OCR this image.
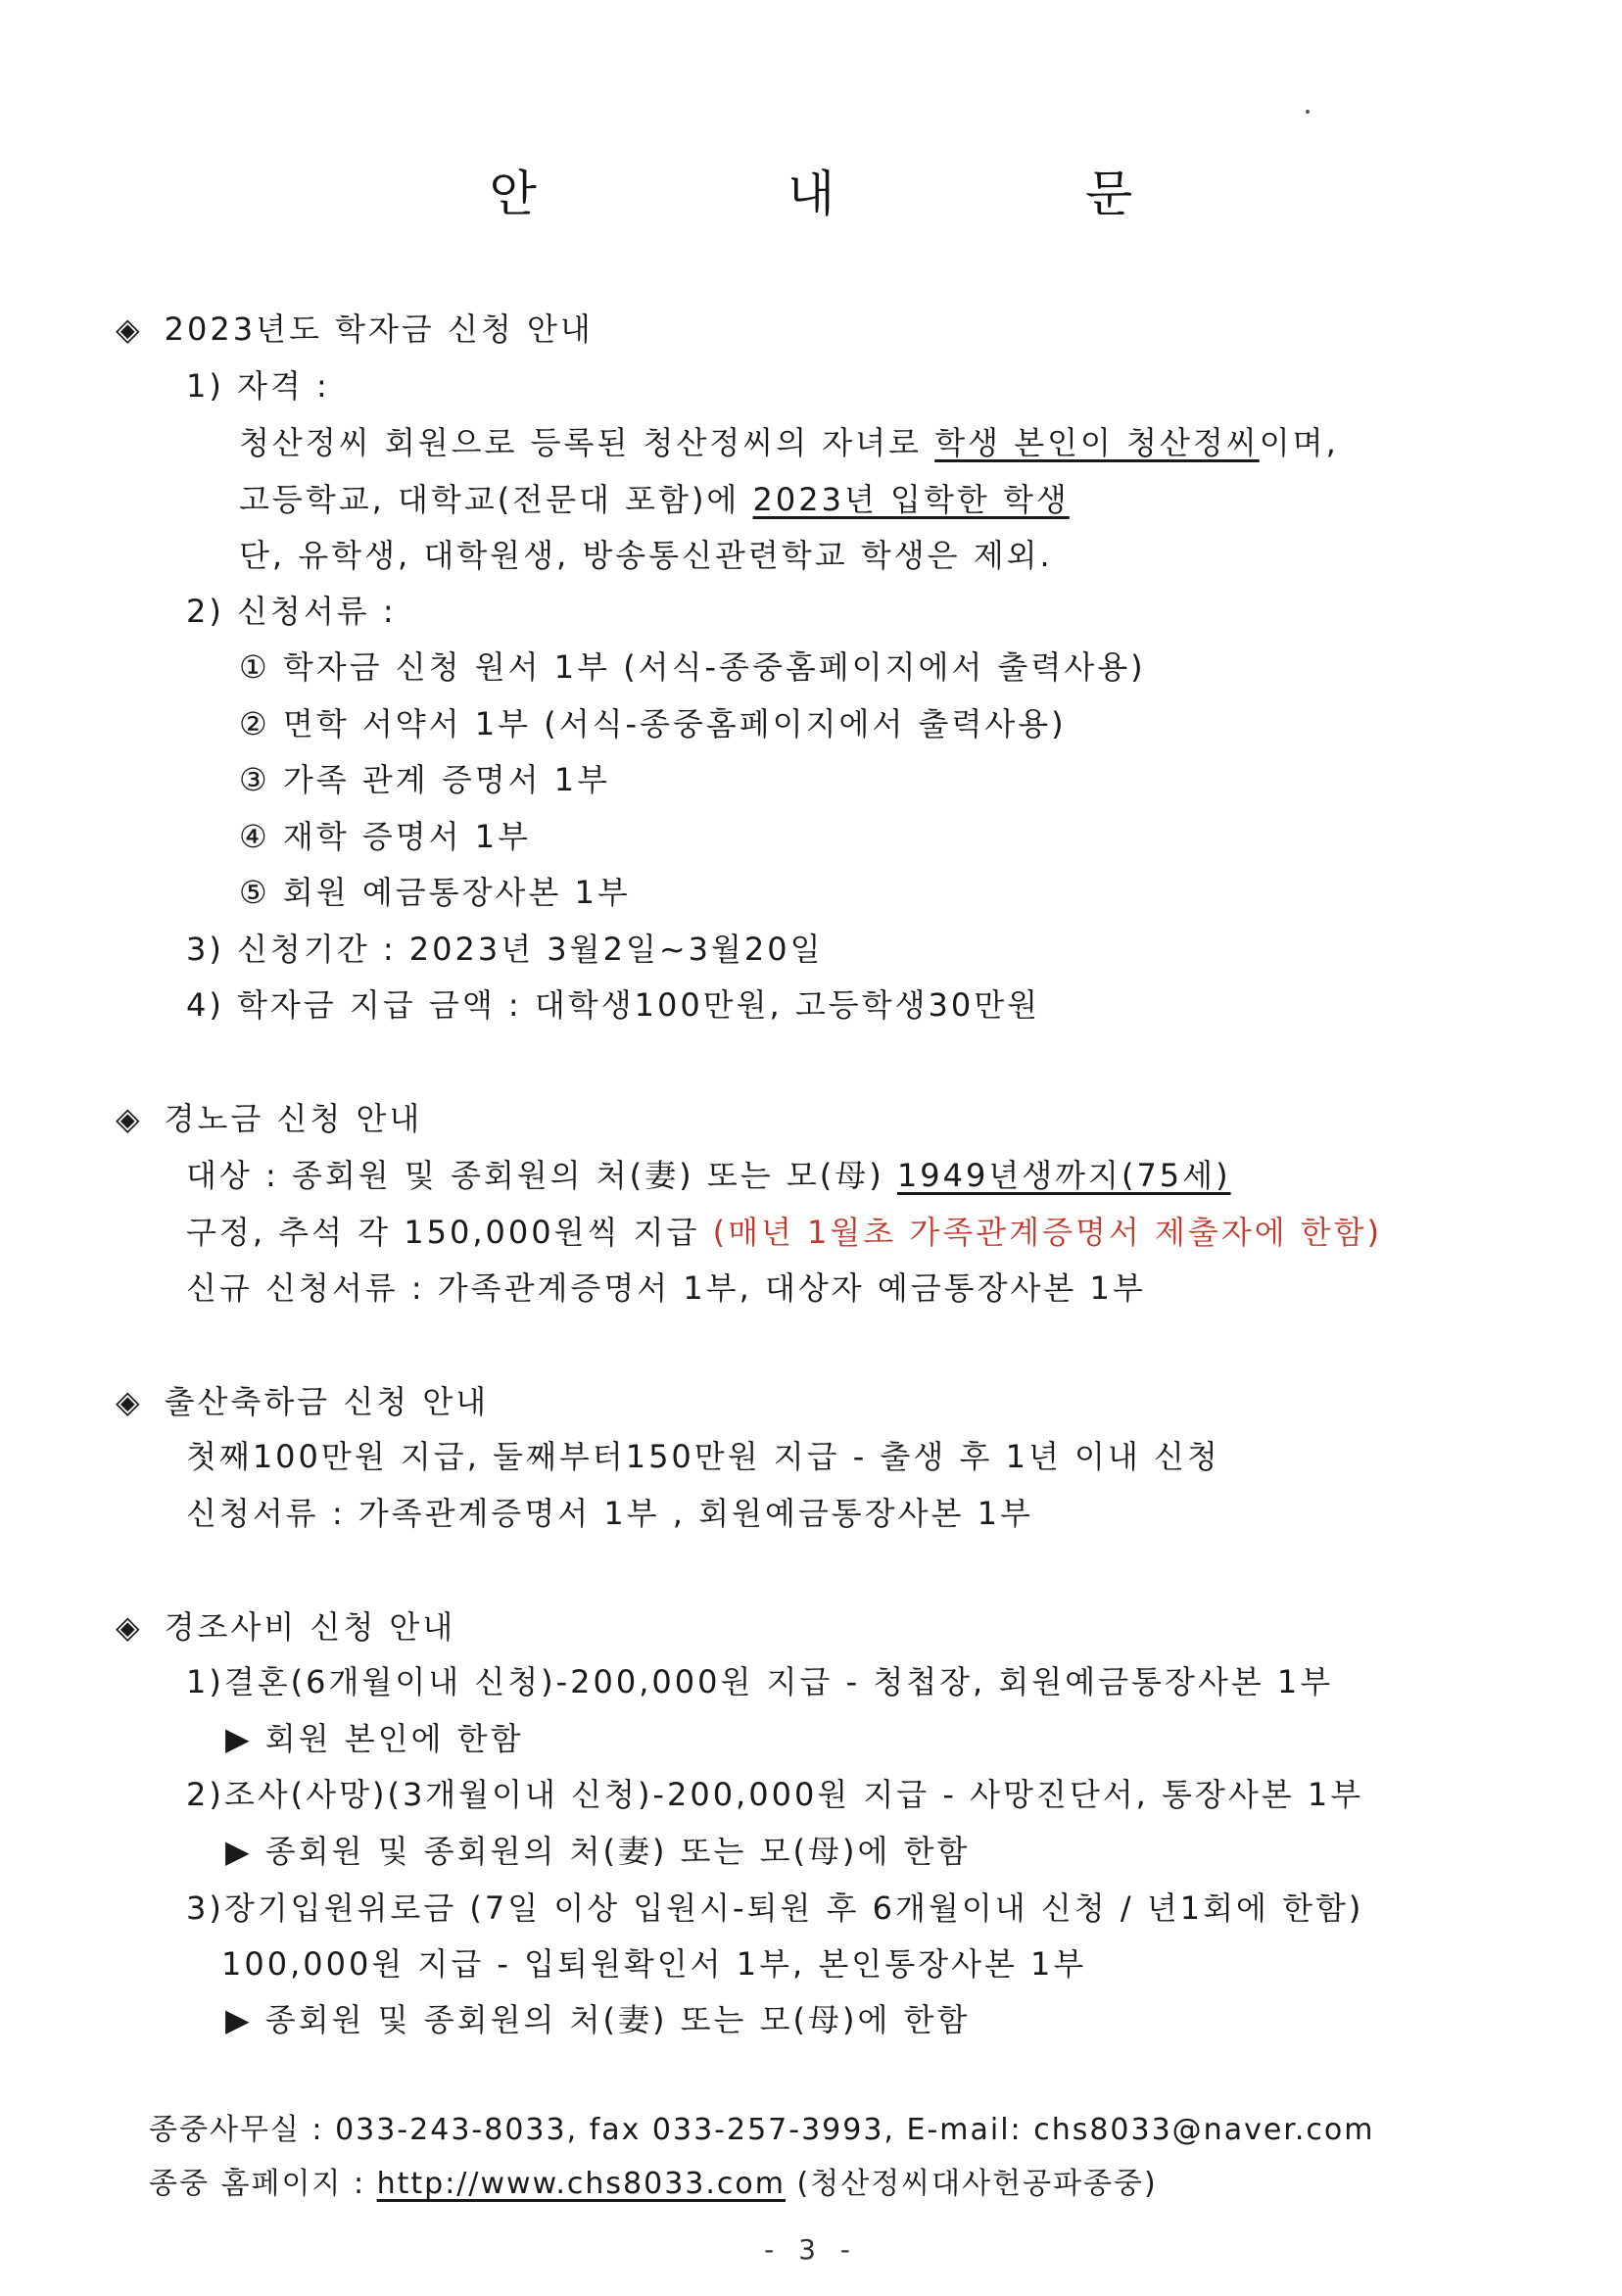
안 내 문
◈ 2023년도 학자금 신청 안내
1) 자격 :
청산정씨 회원으로 등록된 청산정씨의 자녀로 학생 본인이 청산정씨이며,
고등학교, 대학교(전문대 포함)에 2023년 입학한 학생
단, 유학생, 대학원생, 방송통신관련학교 학생은 제외.
2) 신청서류 :
① 학자금 신청 원서 1부 (서식-종중홈페이지에서 출력사용)
② 면학 서약서 1부 (서식-종중홈페이지에서 출력사용)
③ 가족 관계 증명서 1부
④ 재학 증명서 1부
⑤ 회원 예금통장사본 1부
3) 신청기간 : 2023년 3월2일~3월20일
4) 학자금 지급 금액 : 대학생100만원, 고등학생30만원
◈ 경노금 신청 안내
대상 : 종회원 및 종회원의 처(妻) 또는 모(母) 1949년생까지(75세)
구정, 추석 각 150,000원씩 지급 (매년 1월초 가족관계증명서 제출자에 한함)
신규 신청서류 : 가족관계증명서 1부, 대상자 예금통장사본 1부
◈ 출산축하금 신청 안내
첫째100만원 지급, 둘째부터150만원 지급 - 출생 후 1년 이내 신청
신청서류 : 가족관계증명서 1부 , 회원예금통장사본 1부
◈ 경조사비 신청 안내
1)결혼(6개월이내 신청)-200,000원 지급 - 청첩장, 회원예금통장사본 1부
▶ 회원 본인에 한함
2)조사(사망)(3개월이내 신청)-200,000원 지급 - 사망진단서, 통장사본 1부
▶ 종회원 및 종회원의 처(妻) 또는 모(母)에 한함
3)장기입원위로금 (7일 이상 입원시-퇴원 후 6개월이내 신청 / 년1회에 한함)
100,000원 지급 - 입퇴원확인서 1부, 본인통장사본 1부
▶ 종회원 및 종회원의 처(妻) 또는 모(母)에 한함
종중사무실 : 033-243-8033, fax 033-257-3993, E-mail: chs8033@naver.com
종중 홈페이지 : http://www.chs8033.com (청산정씨대사헌공파종중)
- 3 -
